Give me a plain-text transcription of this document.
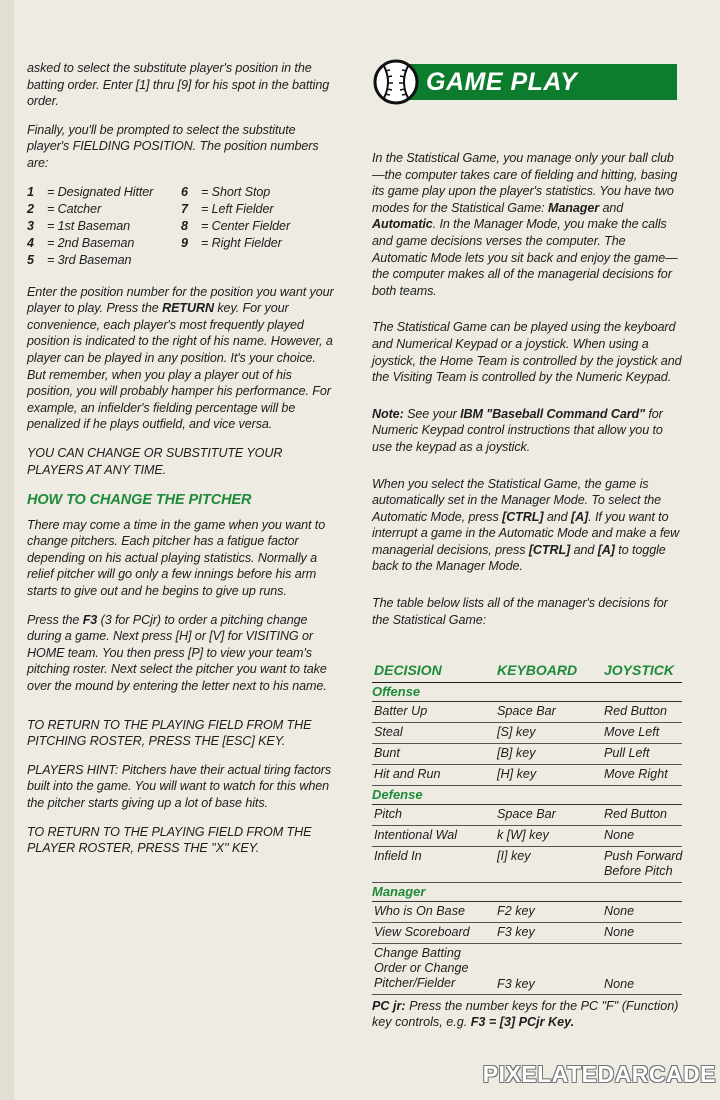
asked to select the substitute player's position in the batting order. Enter [1] thru [9] for his spot in the batting order.

Finally, you'll be prompted to select the substitute player's FIELDING POSITION. The position numbers are:

1 = Designated Hitter
2 = Catcher
3 = 1st Baseman
4 = 2nd Baseman
5 = 3rd Baseman
6 = Short Stop
7 = Left Fielder
8 = Center Fielder
9 = Right Fielder

Enter the position number for the position you want your player to play. Press the RETURN key. For your convenience, each player's most frequently played position is indicated to the right of his name. However, a player can be played in any position. It's your choice. But remember, when you play a player out of his position, you will probably hamper his performance. For example, an infielder's fielding percentage will be penalized if he plays outfield, and vice versa.

YOU CAN CHANGE OR SUBSTITUTE YOUR PLAYERS AT ANY TIME.

HOW TO CHANGE THE PITCHER

There may come a time in the game when you want to change pitchers. Each pitcher has a fatigue factor depending on his actual playing statistics. Normally a relief pitcher will go only a few innings before his arm starts to give out and he begins to give up runs.

Press the F3 (3 for PCjr) to order a pitching change during a game. Next press [H] or [V] for VISITING or HOME team. You then press [P] to view your team's pitching roster. Next select the pitcher you want to take over the mound by entering the letter next to his name.

TO RETURN TO THE PLAYING FIELD FROM THE PITCHING ROSTER, PRESS THE [ESC] KEY.

PLAYERS HINT: Pitchers have their actual tiring factors built into the game. You will want to watch for this when the pitcher starts giving up a lot of base hits.

TO RETURN TO THE PLAYING FIELD FROM THE PLAYER ROSTER, PRESS THE ''X'' KEY.

GAME PLAY

In the Statistical Game, you manage only your ball club—the computer takes care of fielding and hitting, basing its game play upon the player's statistics. You have two modes for the Statistical Game: Manager and Automatic. In the Manager Mode, you make the calls and game decisions verses the computer. The Automatic Mode lets you sit back and enjoy the game—the computer makes all of the managerial decisions for both teams.

The Statistical Game can be played using the keyboard and Numerical Keypad or a joystick. When using a joystick, the Home Team is controlled by the joystick and the Visiting Team is controlled by the Numeric Keypad.

Note: See your IBM "Baseball Command Card" for Numeric Keypad control instructions that allow you to use the keypad as a joystick.

When you select the Statistical Game, the game is automatically set in the Manager Mode. To select the Automatic Mode, press [CTRL] and [A]. If you want to interrupt a game in the Automatic Mode and make a few managerial decisions, press [CTRL] and [A] to toggle back to the Manager Mode.

The table below lists all of the manager's decisions for the Statistical Game:

DECISION	KEYBOARD JOYSTICK
Offense
Batter Up	Space Bar	Red Button
Steal	[S] key	Move Left
Bunt	[B] key	Pull Left
Hit and Run	[H] key	Move Right
Defense
Pitch	Space Bar	Red Button
Intentional Wal	k [W] key	None
Infield In	[I] key	Push Forward Before Pitch
Manager
Who is On Base	F2 key	None
View Scoreboard	F3 key	None
Change Batting Order or Change Pitcher/Fielder	F3 key	None
PC jr: Press the number keys for the PC "F" (Function) key controls, e.g. F3 = [3] PCjr Key.
PIXELATEDARCADE
